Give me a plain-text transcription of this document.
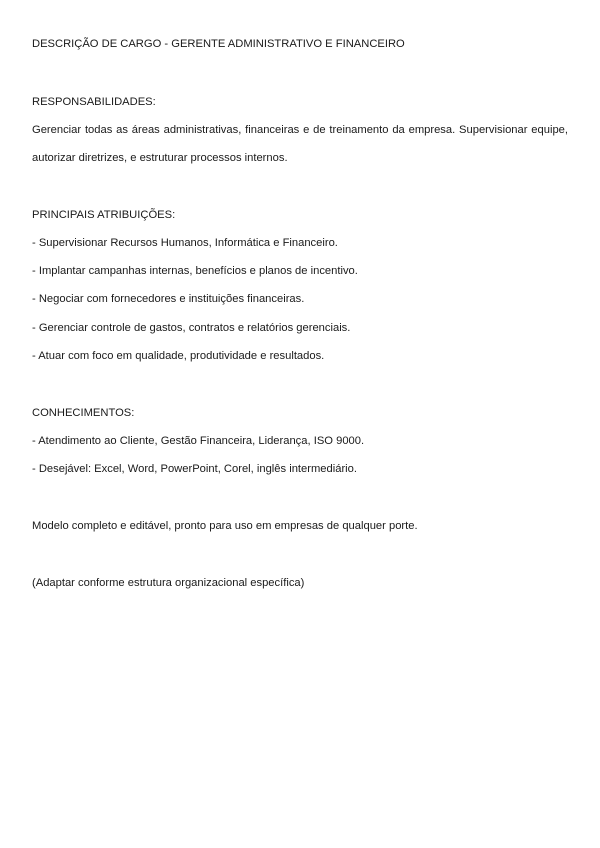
DESCRIÇÃO DE CARGO - GERENTE ADMINISTRATIVO E FINANCEIRO
RESPONSABILIDADES:
Gerenciar todas as áreas administrativas, financeiras e de treinamento da empresa. Supervisionar equipe,
autorizar diretrizes, e estruturar processos internos.
PRINCIPAIS ATRIBUIÇÕES:
- Supervisionar Recursos Humanos, Informática e Financeiro.
- Implantar campanhas internas, benefícios e planos de incentivo.
- Negociar com fornecedores e instituições financeiras.
- Gerenciar controle de gastos, contratos e relatórios gerenciais.
- Atuar com foco em qualidade, produtividade e resultados.
CONHECIMENTOS:
- Atendimento ao Cliente, Gestão Financeira, Liderança, ISO 9000.
- Desejável: Excel, Word, PowerPoint, Corel, inglês intermediário.
Modelo completo e editável, pronto para uso em empresas de qualquer porte.
(Adaptar conforme estrutura organizacional específica)
